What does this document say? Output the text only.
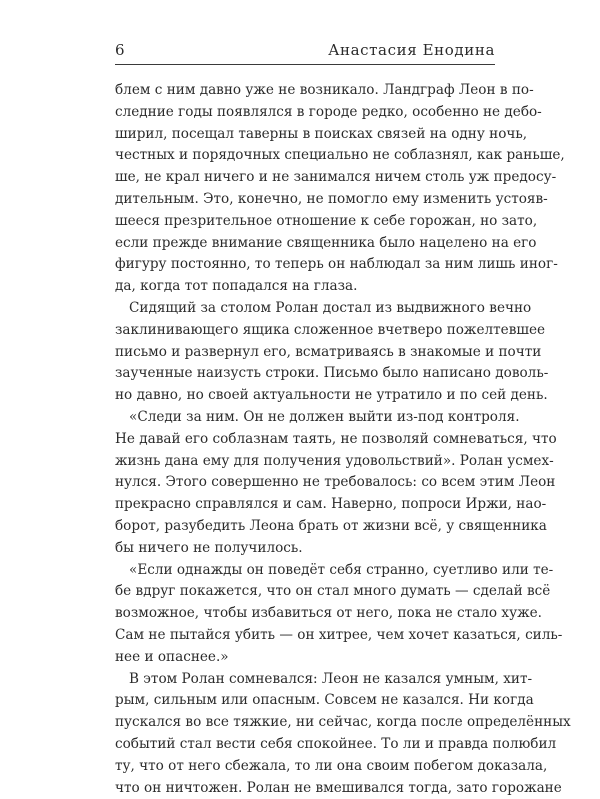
6	Анастасия Енодина
блем с ним давно уже не возникало. Ландграф Леон в по-
следние годы появлялся в городе редко, особенно не дебо-
ширил, посещал таверны в поисках связей на одну ночь,
честных и порядочных специально не соблазнял, как раньше,
ше, не крал ничего и не занимался ничем столь уж предосу-
дительным. Это, конечно, не помогло ему изменить устояв-
шееся презрительное отношение к себе горожан, но зато,
если прежде внимание священника было нацелено на его
фигуру постоянно, то теперь он наблюдал за ним лишь иног-
да, когда тот попадался на глаза.
Сидящий за столом Ролан достал из выдвижного вечно
заклинивающего ящика сложенное вчетверо пожелтевшее
письмо и развернул его, всматриваясь в знакомые и почти
заученные наизусть строки. Письмо было написано доволь-
но давно, но своей актуальности не утратило и по сей день.
«Следи за ним. Он не должен выйти из-под контроля.
Не давай его соблазнам таять, не позволяй сомневаться, что
жизнь дана ему для получения удовольствий». Ролан усмех-
нулся. Этого совершенно не требовалось: со всем этим Леон
прекрасно справлялся и сам. Наверно, попроси Иржи, нао-
борот, разубедить Леона брать от жизни всё, у священника
бы ничего не получилось.
«Если однажды он поведёт себя странно, суетливо или те-
бе вдруг покажется, что он стал много думать — сделай всё
возможное, чтобы избавиться от него, пока не стало хуже.
Сам не пытайся убить — он хитрее, чем хочет казаться, силь-
нее и опаснее.»
В этом Ролан сомневался: Леон не казался умным, хит-
рым, сильным или опасным. Совсем не казался. Ни когда
пускался во все тяжкие, ни сейчас, когда после определённых
событий стал вести себя спокойнее. То ли и правда полюбил
ту, что от него сбежала, то ли она своим побегом доказала,
что он ничтожен. Ролан не вмешивался тогда, зато горожане
